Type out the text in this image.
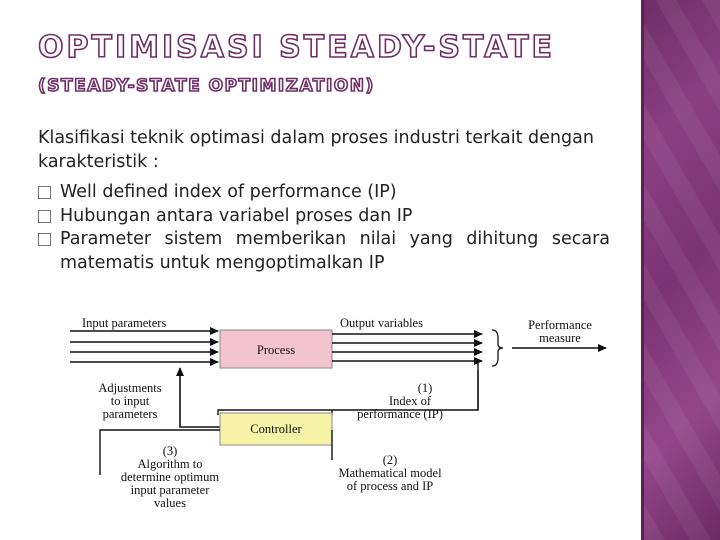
OPTIMISASI STEADY-STATE
(STEADY-STATE OPTIMIZATION)
Klasifikasi teknik optimasi dalam proses industri terkait dengan karakteristik :
Well defined index of performance (IP)
Hubungan antara variabel proses dan IP
Parameter sistem memberikan nilai yang dihitung secara matematis untuk mengoptimalkan IP
Process
Input parameters	Output variables	Performance
measure
Adjustments
to input
parameters
(1)
Index of
performance (IP)
Controller
(3)
Algorithm to
determine optimum
input parameter
values
(2)
Mathematical model
of process and IP
